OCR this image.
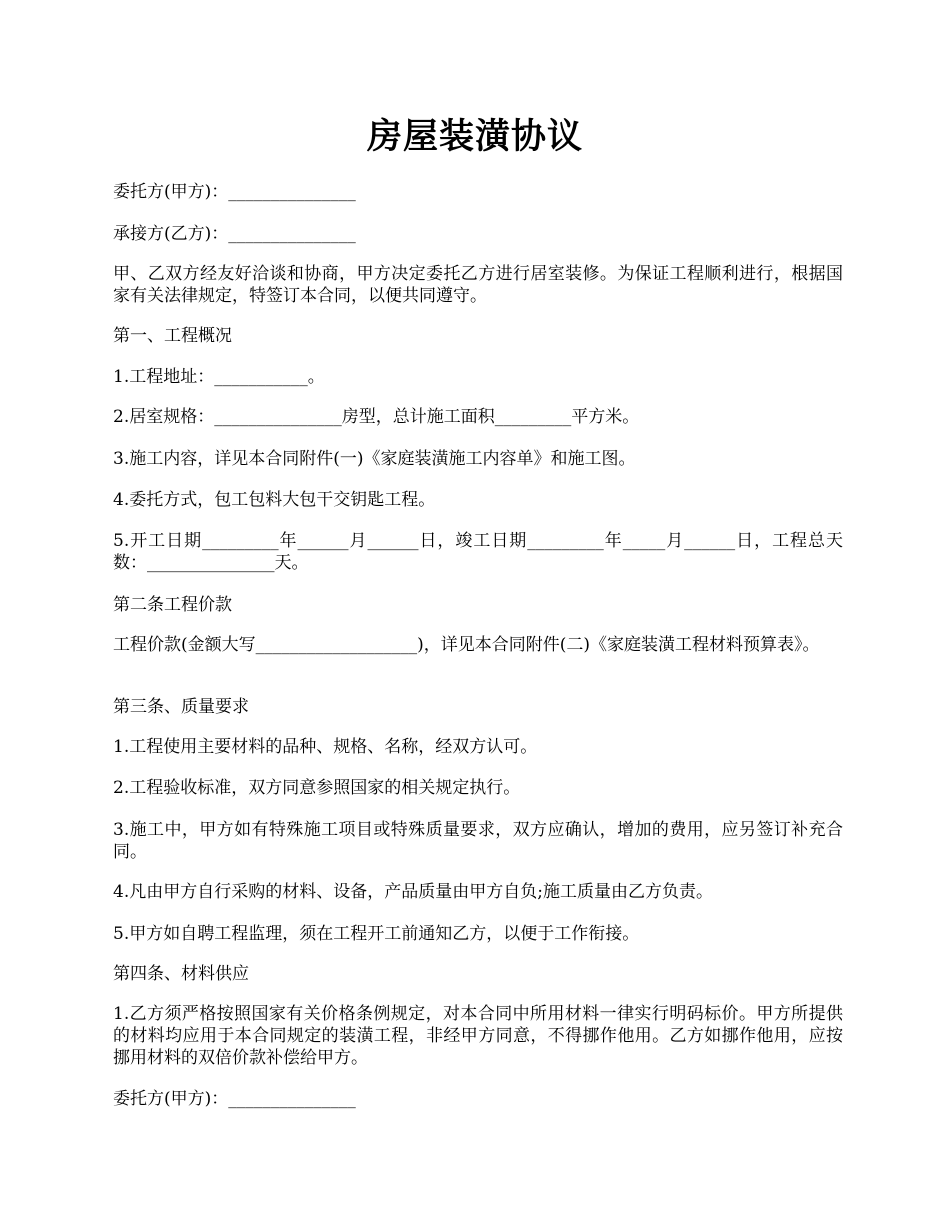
房屋装潢协议
委托方(甲方)：_______________
承接方(乙方)：_______________
甲、乙双方经友好洽谈和协商，甲方决定委托乙方进行居室装修。为保证工程顺利进行，根据国家有关法律规定，特签订本合同，以便共同遵守。
第一、工程概况
1.工程地址：___________。
2.居室规格：_______________房型，总计施工面积_________平方米。
3.施工内容，详见本合同附件(一)《家庭装潢施工内容单》和施工图。
4.委托方式，包工包料大包干交钥匙工程。
5.开工日期_________年______月______日，竣工日期_________年_____月______日，工程总天数：_______________天。
第二条工程价款
工程价款(金额大写___________________)，详见本合同附件(二)《家庭装潢工程材料预算表》。
第三条、质量要求
1.工程使用主要材料的品种、规格、名称，经双方认可。
2.工程验收标准，双方同意参照国家的相关规定执行。
3.施工中，甲方如有特殊施工项目或特殊质量要求，双方应确认，增加的费用，应另签订补充合同。
4.凡由甲方自行采购的材料、设备，产品质量由甲方自负;施工质量由乙方负责。
5.甲方如自聘工程监理，须在工程开工前通知乙方，以便于工作衔接。
第四条、材料供应
1.乙方须严格按照国家有关价格条例规定，对本合同中所用材料一律实行明码标价。甲方所提供的材料均应用于本合同规定的装潢工程，非经甲方同意，不得挪作他用。乙方如挪作他用，应按挪用材料的双倍价款补偿给甲方。
委托方(甲方)：_______________
